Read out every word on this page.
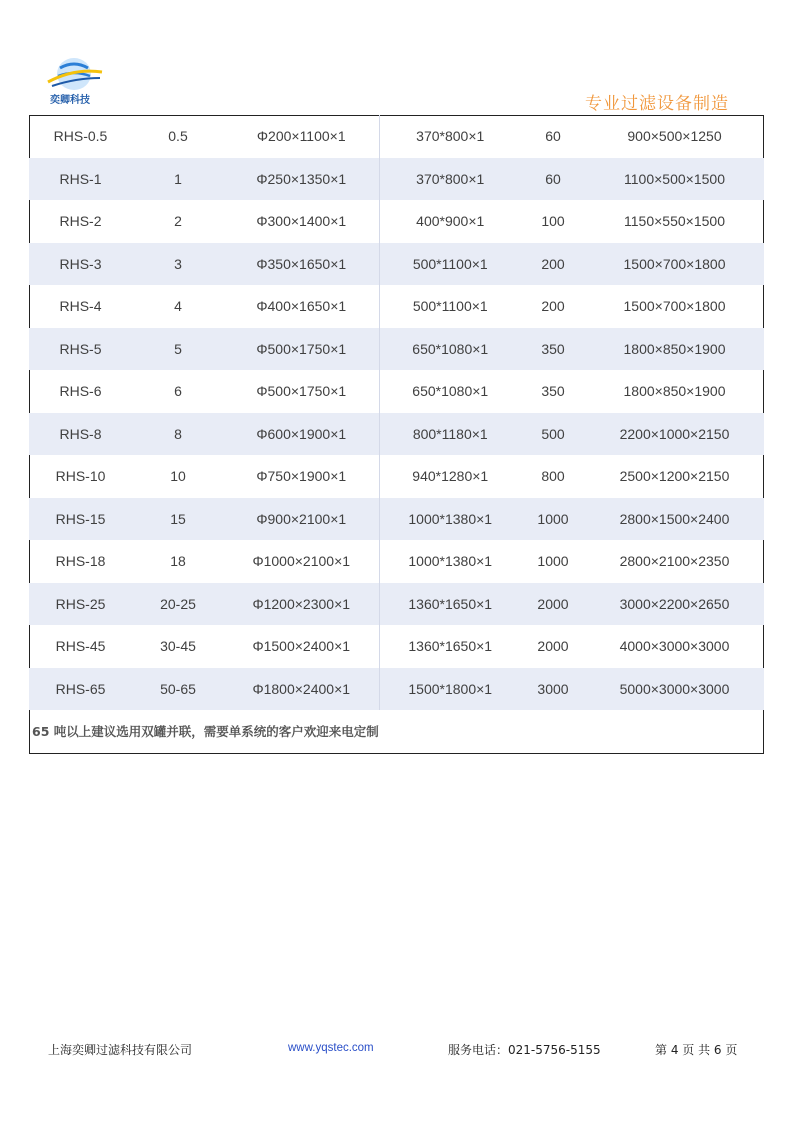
奕卿科技	专业过滤设备制造
RHS-0.5	0.5	Φ200×1100×1	370*800×1	60	900×500×1250
RHS-1	1	Φ250×1350×1	370*800×1	60	1100×500×1500
RHS-2	2	Φ300×1400×1	400*900×1	100	1150×550×1500
RHS-3	3	Φ350×1650×1	500*1100×1	200	1500×700×1800
RHS-4	4	Φ400×1650×1	500*1100×1	200	1500×700×1800
RHS-5	5	Φ500×1750×1	650*1080×1	350	1800×850×1900
RHS-6	6	Φ500×1750×1	650*1080×1	350	1800×850×1900
RHS-8	8	Φ600×1900×1	800*1180×1	500	2200×1000×2150
RHS-10	10	Φ750×1900×1	940*1280×1	800	2500×1200×2150
RHS-15	15	Φ900×2100×1	1000*1380×1	1000	2800×1500×2400
RHS-18	18	Φ1000×2100×1	1000*1380×1	1000	2800×2100×2350
RHS-25	20-25	Φ1200×2300×1	1360*1650×1	2000	3000×2200×2650
RHS-45	30-45	Φ1500×2400×1	1360*1650×1	2000	4000×3000×3000
RHS-65	50-65	Φ1800×2400×1	1500*1800×1	3000	5000×3000×3000
65 吨以上建议选用双罐并联，需要单系统的客户欢迎来电定制
上海奕卿过滤科技有限公司	www.yqstec.com	服务电话：021-5756-5155	第 4 页 共 6 页
